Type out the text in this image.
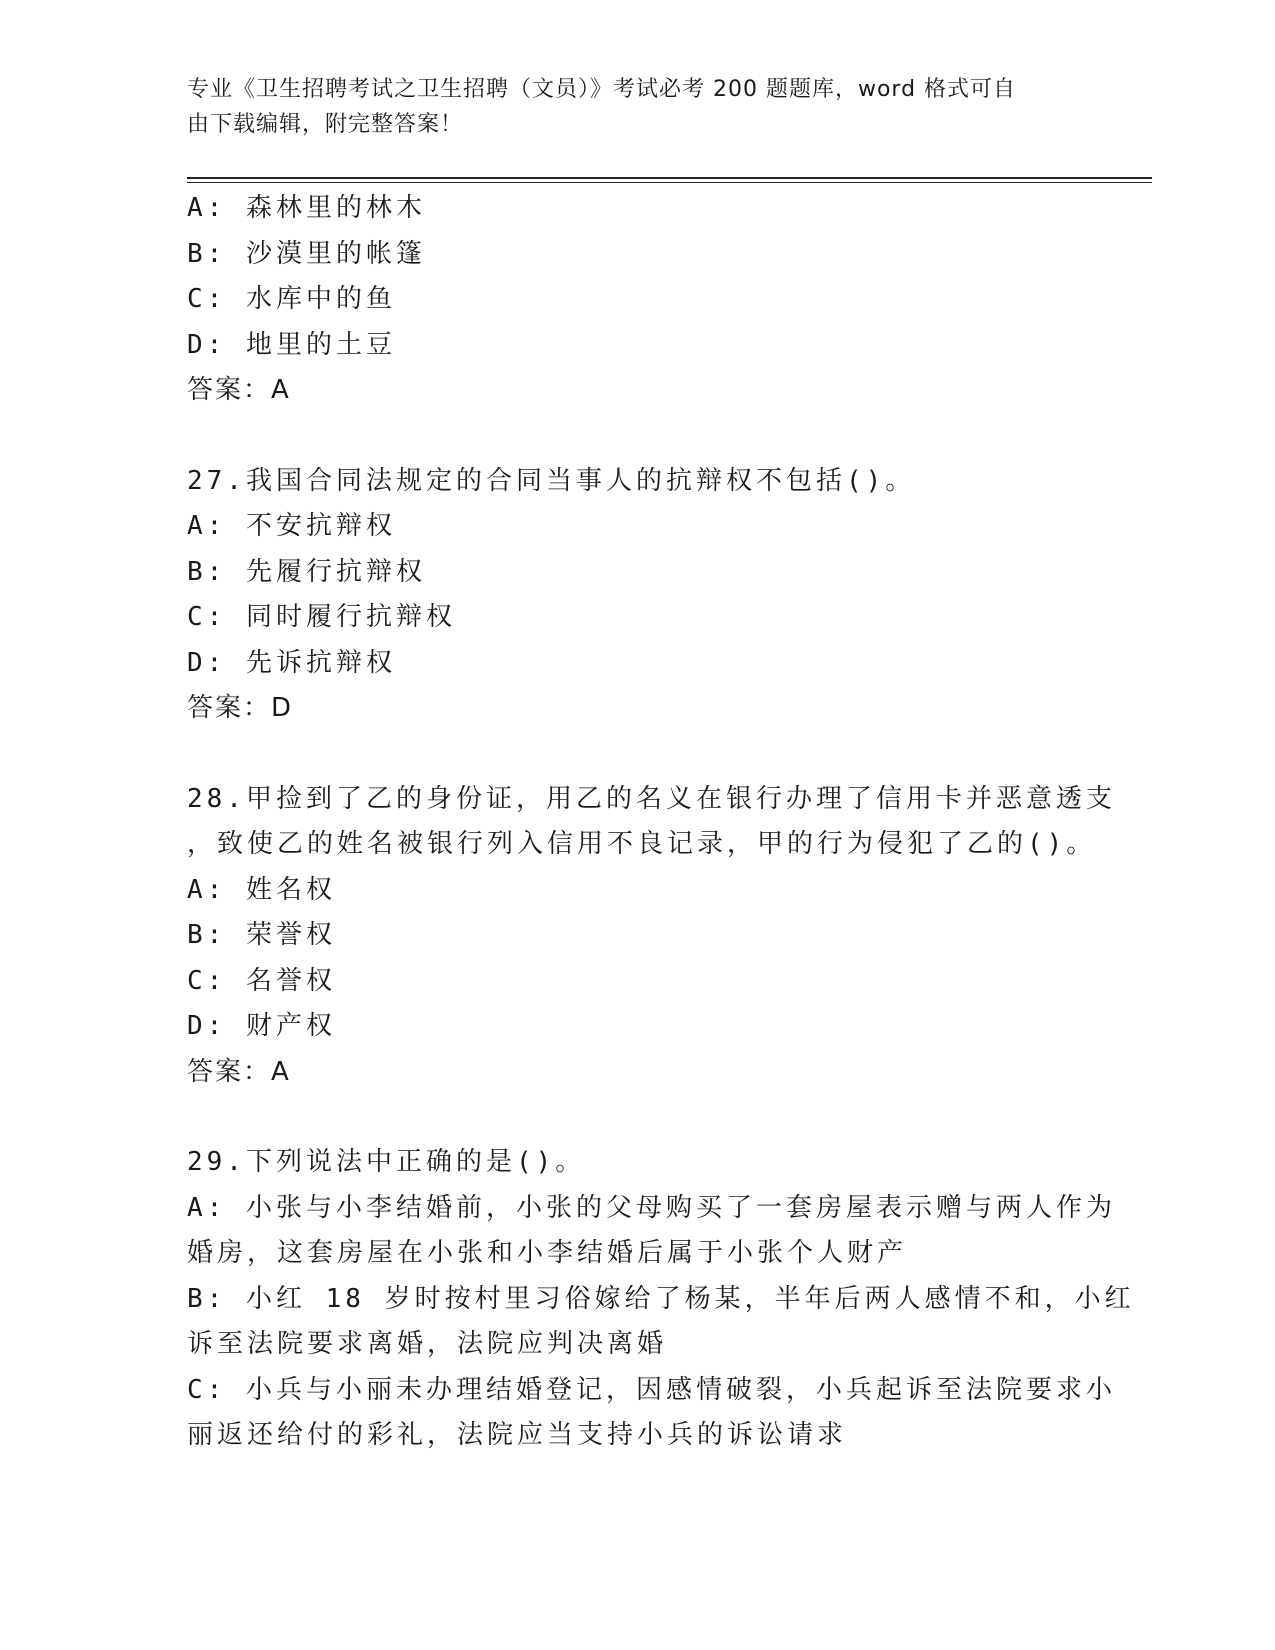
专业《卫生招聘考试之卫生招聘（文员）》考试必考 200 题题库，word 格式可自
由下载编辑，附完整答案！
A: 森林里的林木
B: 沙漠里的帐篷
C: 水库中的鱼
D: 地里的土豆
答案：A
27.我国合同法规定的合同当事人的抗辩权不包括()。
A: 不安抗辩权
B: 先履行抗辩权
C: 同时履行抗辩权
D: 先诉抗辩权
答案：D
28.甲捡到了乙的身份证，用乙的名义在银行办理了信用卡并恶意透支
，致使乙的姓名被银行列入信用不良记录，甲的行为侵犯了乙的()。
A: 姓名权
B: 荣誉权
C: 名誉权
D: 财产权
答案：A
29.下列说法中正确的是()。
A: 小张与小李结婚前，小张的父母购买了一套房屋表示赠与两人作为
婚房，这套房屋在小张和小李结婚后属于小张个人财产
B: 小红 18 岁时按村里习俗嫁给了杨某，半年后两人感情不和，小红
诉至法院要求离婚，法院应判决离婚
C: 小兵与小丽未办理结婚登记，因感情破裂，小兵起诉至法院要求小
丽返还给付的彩礼，法院应当支持小兵的诉讼请求
